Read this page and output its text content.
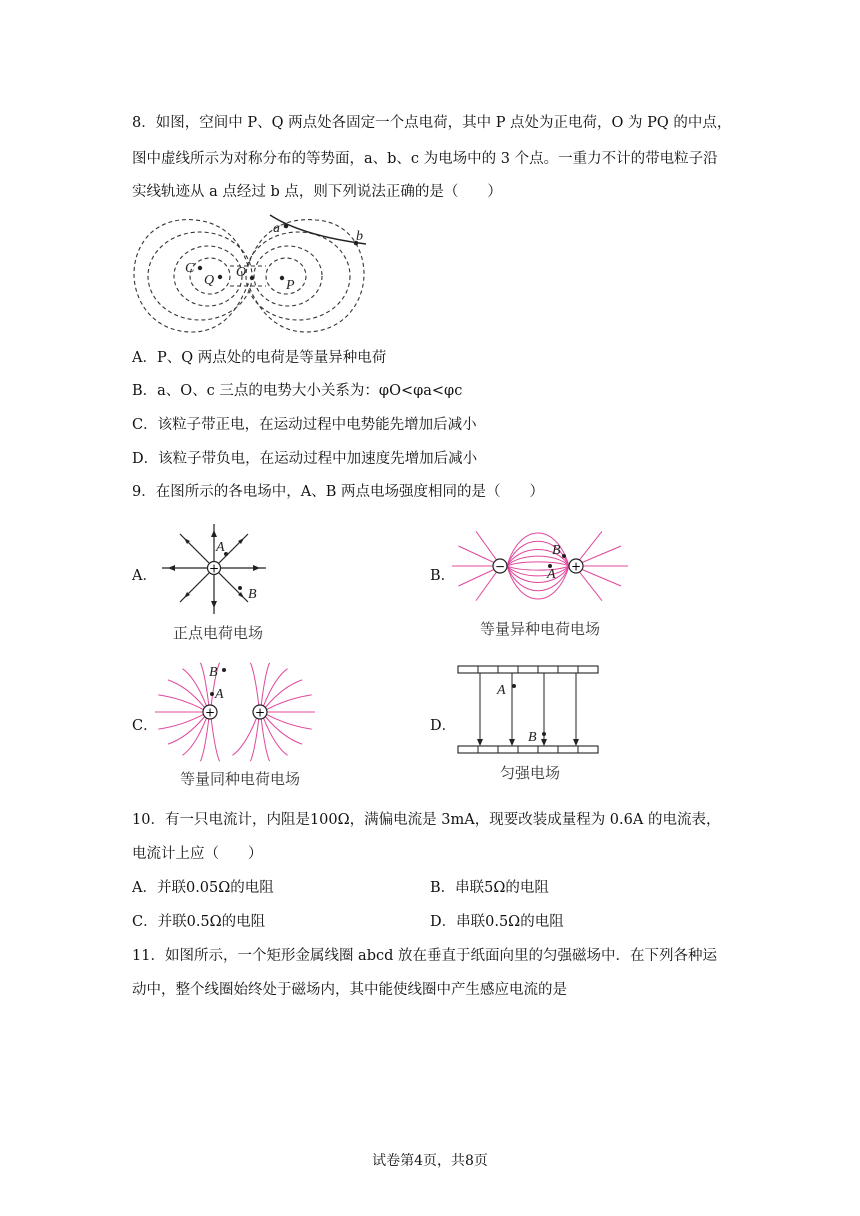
8．如图，空间中 P、Q 两点处各固定一个点电荷，其中 P 点处为正电荷，O 为 PQ 的中点，
图中虚线所示为对称分布的等势面，a、b、c 为电场中的 3 个点。一重力不计的带电粒子沿
实线轨迹从 a 点经过 b 点，则下列说法正确的是（　　）
a
b
C
Q
O
P
A．P、Q 两点处的电荷是等量异种电荷
B．a、O、c 三点的电势大小关系为：φO<φa<φc
C．该粒子带正电，在运动过程中电势能先增加后减小
D．该粒子带负电，在运动过程中加速度先增加后减小
9．在图所示的各电场中，A、B 两点电场强度相同的是（　　）
A．	+
A
B
正点电荷电场
B．
−	+
B
A
等量异种电荷电场
C．
+	+
B
A
等量同种电荷电场
D．
A
B
匀强电场
10．有一只电流计，内阻是100Ω，满偏电流是 3mA，现要改装成量程为 0.6A 的电流表，
电流计上应（　　）
A．并联0.05Ω的电阻	B．串联5Ω的电阻
C．并联0.5Ω的电阻	D．串联0.5Ω的电阻
11．如图所示，一个矩形金属线圈 abcd 放在垂直于纸面向里的匀强磁场中．在下列各种运
动中，整个线圈始终处于磁场内，其中能使线圈中产生感应电流的是
试卷第4页，共8页
